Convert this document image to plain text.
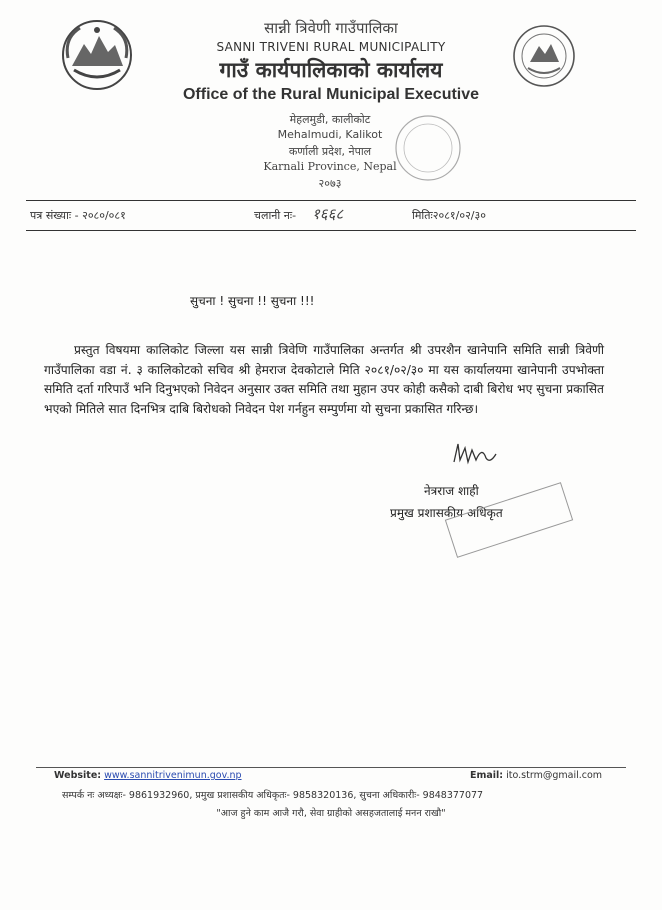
सान्नी त्रिवेणी गाउँपालिका
SANNI TRIVENI RURAL MUNICIPALITY
गाउँ कार्यपालिकाको कार्यालय
Office of the Rural Municipal Executive
मेहलमुडी, कालीकोट
Mehalmudi, Kalikot
कर्णाली प्रदेश, नेपाल
Karnali Province, Nepal
२०७३
पत्र संख्याः - २०८०/०८१	चलानी नः- १६६८	मितिः२०८१/०२/३०
सुचना ! सुचना !! सुचना !!!
प्रस्तुत विषयमा कालिकोट जिल्ला यस सान्नी त्रिवेणि गाउँपालिका अन्तर्गत श्री उपरशैन खानेपानि समिति सान्नी त्रिवेणी गाउँपालिका वडा नं. ३ कालिकोटको सचिव श्री हेमराज देवकोटाले मिति २०८१/०२/३० मा यस कार्यालयमा खानेपानी उपभोक्ता समिति दर्ता गरिपाउँ भनि दिनुभएको निवेदन अनुसार उक्त समिति तथा मुहान उपर कोही कसैको दाबी बिरोध भए सुचना प्रकासित भएको मितिले सात दिनभित्र दाबि बिरोधको निवेदन पेश गर्नहुन सम्पुर्णमा यो सुचना प्रकासित गरिन्छ।
नेत्रराज शाही
प्रमुख प्रशासकीय अधिकृत
Website: www.sannitrivenimun.gov.np	Email: ito.strm@gmail.com
सम्पर्क नः अध्यक्षः- 9861932960, प्रमुख प्रशासकीय अधिकृतः- 9858320136, सुचना अधिकारीः- 9848377077
"आज हुने काम आजै गरौ, सेवा ग्राहीको असहजतालाई मनन राखौ"
